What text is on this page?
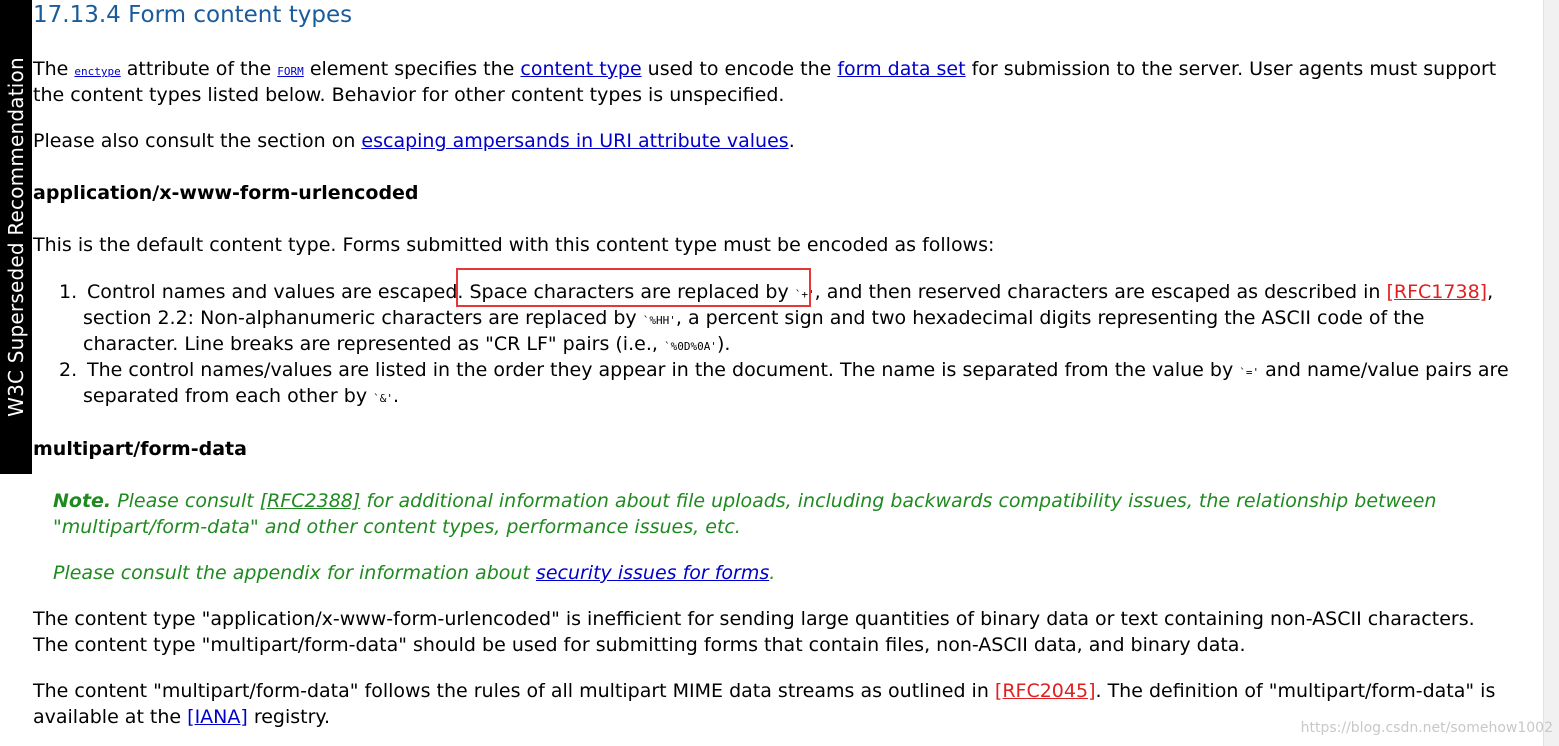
W3C Superseded Recommendation
17.13.4 Form content types
The enctype attribute of the FORM element specifies the content type used to encode the form data set for submission to the server. User agents must support
the content types listed below. Behavior for other content types is unspecified.
Please also consult the section on escaping ampersands in URI attribute values.
application/x-www-form-urlencoded
This is the default content type. Forms submitted with this content type must be encoded as follows:
1. Control names and values are escaped. Space characters are replaced by `+', and then reserved characters are escaped as described in [RFC1738],
section 2.2: Non-alphanumeric characters are replaced by `%HH', a percent sign and two hexadecimal digits representing the ASCII code of the
character. Line breaks are represented as "CR LF" pairs (i.e., `%0D%0A').
2. The control names/values are listed in the order they appear in the document. The name is separated from the value by `=' and name/value pairs are
separated from each other by `&'.
multipart/form-data
Note. Please consult [RFC2388] for additional information about file uploads, including backwards compatibility issues, the relationship between
"multipart/form-data" and other content types, performance issues, etc.
Please consult the appendix for information about security issues for forms.
The content type "application/x-www-form-urlencoded" is inefficient for sending large quantities of binary data or text containing non-ASCII characters.
The content type "multipart/form-data" should be used for submitting forms that contain files, non-ASCII data, and binary data.
The content "multipart/form-data" follows the rules of all multipart MIME data streams as outlined in [RFC2045]. The definition of "multipart/form-data" is
available at the [IANA] registry.	https://blog.csdn.net/somehow1002
